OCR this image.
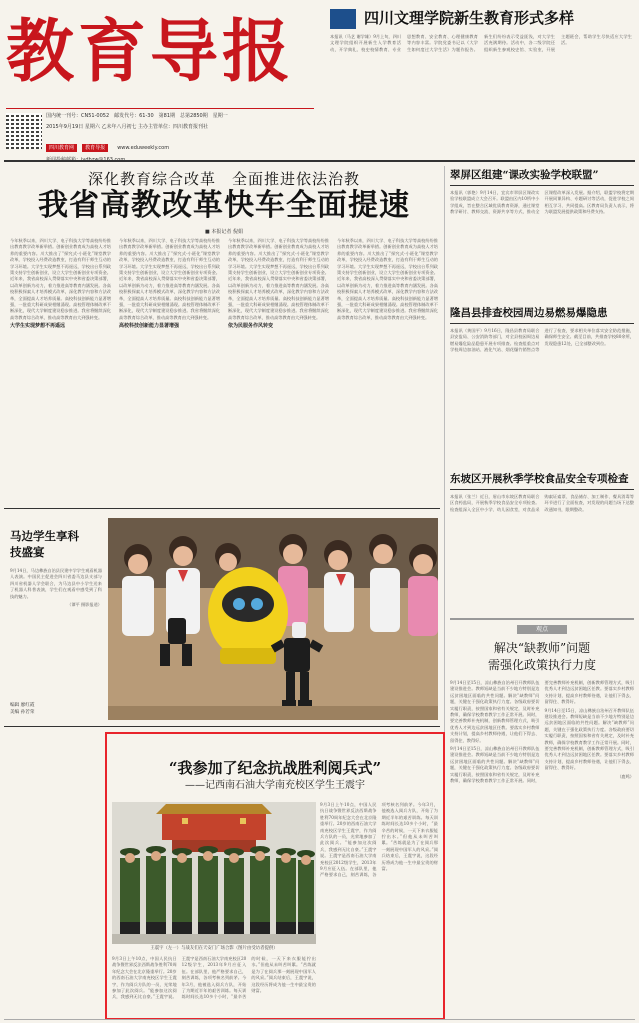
教育导报
国内统一刊号：CN51-0052　邮发代号：61-30　第81期　总第2850期　星期一
2015年9月19日 星期六 乙未年八月初七 主办主管单位：四川教育报刊社
四川教育网 教育导报 www.eduweekly.com
四川文理学院新生教育形式多样
本报讯（马艺 谢学雄）9月上旬，四川文理学院组织开展新生入学教育活动，开学典礼、校史校情教育、专业思想教育、安全教育、心理健康教育等内容丰富。学院党委书记以《大学生如何度过大学生活》为题作报告。新生们纷纷表示受益匪浅，对大学生活充满期待。活动中，各二级学院还组织新生参观校史馆、实验室，开展主题班会，帮助学生尽快适应大学生活。
深化教育综合改革　全面推进依法治教
我省高教改革快车全面提速
■ 本报记者 倪娟
今年秋季以来，四川大学、电子科技大学等高校纷纷推出教育教学改革新举措。创新创业教育成为高校人才培养的重要内容。川大推出了“探究式-小班化”课堂教学改革，学校投入经费改造教室，打造有利于师生互动的学习环境。大学生实现梦想不再遥远，学校出台系列政策支持学生创新创业，设立大学生创新创业专项资金。近年来，我省高校深入贯彻落实中央和省委决策部署，以改革创新为动力，着力推进高等教育内涵发展。各高校积极探索人才培养模式改革，深化教学内容和方法改革，全面提高人才培养质量。高校科技创新能力显著增强，一批重大科研成果相继涌现。高校管理体制改革不断深化，现代大学制度建设稳步推进。我省将继续深化高等教育综合改革，推动高等教育由大到强转变。
大学生实现梦想不再遥远
今年秋季以来，四川大学、电子科技大学等高校纷纷推出教育教学改革新举措。创新创业教育成为高校人才培养的重要内容。川大推出了“探究式-小班化”课堂教学改革，学校投入经费改造教室，打造有利于师生互动的学习环境。大学生实现梦想不再遥远，学校出台系列政策支持学生创新创业，设立大学生创新创业专项资金。近年来，我省高校深入贯彻落实中央和省委决策部署，以改革创新为动力，着力推进高等教育内涵发展。各高校积极探索人才培养模式改革，深化教学内容和方法改革，全面提高人才培养质量。高校科技创新能力显著增强，一批重大科研成果相继涌现。高校管理体制改革不断深化，现代大学制度建设稳步推进。我省将继续深化高等教育综合改革，推动高等教育由大到强转变。
高校科技创新能力显著增强
今年秋季以来，四川大学、电子科技大学等高校纷纷推出教育教学改革新举措。创新创业教育成为高校人才培养的重要内容。川大推出了“探究式-小班化”课堂教学改革，学校投入经费改造教室，打造有利于师生互动的学习环境。大学生实现梦想不再遥远，学校出台系列政策支持学生创新创业，设立大学生创新创业专项资金。近年来，我省高校深入贯彻落实中央和省委决策部署，以改革创新为动力，着力推进高等教育内涵发展。各高校积极探索人才培养模式改革，深化教学内容和方法改革，全面提高人才培养质量。高校科技创新能力显著增强，一批重大科研成果相继涌现。高校管理体制改革不断深化，现代大学制度建设稳步推进。我省将继续深化高等教育综合改革，推动高等教育由大到强转变。
依为民服务作风转变
今年秋季以来，四川大学、电子科技大学等高校纷纷推出教育教学改革新举措。创新创业教育成为高校人才培养的重要内容。川大推出了“探究式-小班化”课堂教学改革，学校投入经费改造教室，打造有利于师生互动的学习环境。大学生实现梦想不再遥远，学校出台系列政策支持学生创新创业，设立大学生创新创业专项资金。近年来，我省高校深入贯彻落实中央和省委决策部署，以改革创新为动力，着力推进高等教育内涵发展。各高校积极探索人才培养模式改革，深化教学内容和方法改革，全面提高人才培养质量。高校科技创新能力显著增强，一批重大科研成果相继涌现。高校管理体制改革不断深化，现代大学制度建设稳步推进。我省将继续深化高等教育综合改革，推动高等教育由大到强转变。
翠屏区组建“课改实验学校联盟”
本报讯（郭艳）9月14日，宜宾市翠屏区课改实验学校联盟成立大会召开。联盟由区内10所中小学组成，旨在整合区域优质教育资源，通过课堂教学研讨、教师交流、资源共享等方式，推动全区课程改革深入发展。据介绍，联盟学校将定期开展同课异构、专题研讨等活动，促进学校之间相互学习、共同提高。区教育局负责人表示，将为联盟发展提供政策和经费支持。
隆昌县排查校园周边易燃易爆隐患
本报讯（黄国平）9月16日，隆昌县教育局联合县安监局、公安消防等部门，对全县校园周边易燃易爆危险品隐患开展专项排查。检查组重点对学校周边加油站、液化气站、烟花爆竹销售点等进行了检查，要求相关单位落实安全防范措施，确保师生安全。截至目前，共排查学校80余所，发现隐患12处，已全部整改到位。
东坡区开展秋季学校食品安全专项检查
本报讯（张兰）近日，眉山市东坡区教育局联合区食药监局，开展秋季学校食品安全专项检查。检查组深入全区中小学、幼儿园食堂，对食品采购索证索票、食品储存、加工制作、餐具消毒等环节进行了全面检查，对发现的问题当场下达整改通知书，限期整改。
观点
解决“缺教师”问题
需强化政策执行力度
9月14日至15日，凉山彝族自治州召开教师队伍建设推进会。教师短缺是当前不少地方特别是边远贫困地区面临的共性问题。解决“缺教师”问题，关键在于强化政策执行力度。各级政府要切实履行职责，按照国家和省有关规定，及时补充教师，确保学校教育教学工作正常开展。同时，要完善教师补充机制，创新教师管理方式，吸引优秀人才到边远贫困地区任教。要落实乡村教师支持计划，提高乡村教师待遇，让他们下得去、留得住、教得好。
9月14日至15日，凉山彝族自治州召开教师队伍建设推进会。教师短缺是当前不少地方特别是边远贫困地区面临的共性问题。解决“缺教师”问题，关键在于强化政策执行力度。各级政府要切实履行职责，按照国家和省有关规定，及时补充教师，确保学校教育教学工作正常开展。同时，要完善教师补充机制，创新教师管理方式，吸引优秀人才到边远贫困地区任教。要落实乡村教师支持计划，提高乡村教师待遇，让他们下得去、留得住、教得好。
9月14日至15日，凉山彝族自治州召开教师队伍建设推进会。教师短缺是当前不少地方特别是边远贫困地区面临的共性问题。解决“缺教师”问题，关键在于强化政策执行力度。各级政府要切实履行职责，按照国家和省有关规定，及时补充教师，确保学校教育教学工作正常开展。同时，要完善教师补充机制，创新教师管理方式，吸引优秀人才到边远贫困地区任教。要落实乡村教师支持计划，提高乡村教师待遇，让他们下得去、留得住、教得好。
（鹿鸣）
马边学生享科技盛宴
9月14日，马边彝族自治县民建中学学生观看机器人表演。中国民主促进会四川省委马边县支部与四川省机器人学会联合，为马边县中小学生送来了机器人科普表演，学生们在观看中感受到了科技的魅力。
（谭平 摄影报道）
编辑 廖红霞
美编 孙若荣
“我参加了纪念抗战胜利阅兵式”
——记西南石油大学南充校区学生王震宇
王震宇（左一）与战友们在天安门广场合影（图片由受访者提供）
9月3日上午10点，中国人民抗日战争暨世界反法西斯战争胜利70周年纪念大会在北京隆重举行。20岁的西南石油大学南充校区学生王震宇，作为阅兵方队的一员，光荣地参加了此次阅兵。“能参加这次阅兵，我感到无比自豪。”王震宇说。王震宇是西南石油大学南充校区2012级学生，2013年9月应征入伍。在部队里，他严格要求自己，刻苦训练，各项考核名列前茅。今年3月，他被选入阅兵方队，开始了为期近半年的艰苦训练。每天训练时间长达10多个小时，“最辛苦的时候，一天下来衣服能拧出水。”但他从未叫苦叫累。“苦练就是为了在阅兵那一刻展现中国军人的风采。”阅兵结束后，王震宇说，这段经历将成为他一生中最宝贵的财富。
9月3日上午10点，中国人民抗日战争暨世界反法西斯战争胜利70周年纪念大会在北京隆重举行。20岁的西南石油大学南充校区学生王震宇，作为阅兵方队的一员，光荣地参加了此次阅兵。“能参加这次阅兵，我感到无比自豪。”王震宇说。王震宇是西南石油大学南充校区2012级学生，2013年9月应征入伍。在部队里，他严格要求自己，刻苦训练，各项考核名列前茅。今年3月，他被选入阅兵方队，开始了为期近半年的艰苦训练。每天训练时间长达10多个小时，“最辛苦的时候，一天下来衣服能拧出水。”但他从未叫苦叫累。“苦练就是为了在阅兵那一刻展现中国军人的风采。”阅兵结束后，王震宇说，这段经历将成为他一生中最宝贵的财富。
